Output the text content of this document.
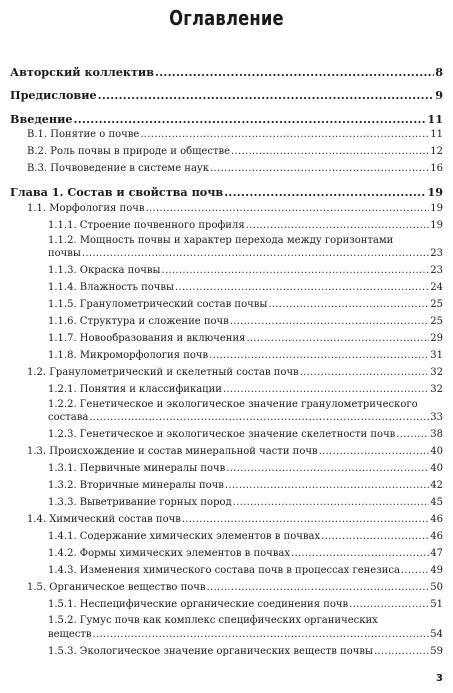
Оглавление
Авторский коллектив .....	8
Предисловие .....	9
Введение .....	11
В.1. Понятие о почве .....	11
В.2. Роль почвы в природе и обществе .....	12
В.3. Почвоведение в системе наук .....	16
Глава 1. Состав и свойства почв .....	19
1.1. Морфология почв .....	19
1.1.1. Строение почвенного профиля .....	19
1.1.2. Мощность почвы и характер перехода между горизонтами
почвы .....	23
1.1.3. Окраска почвы .....	23
1.1.4. Влажность почвы .....	24
1.1.5. Гранулометрический состав почвы .....	25
1.1.6. Структура и сложение почв .....	25
1.1.7. Новообразования и включения .....	29
1.1.8. Микроморфология почв .....	31
1.2. Гранулометрический и скелетный состав почв .....	32
1.2.1. Понятия и классификации .....	32
1.2.2. Генетическое и экологическое значение гранулометрического
состава .....	33
1.2.3. Генетическое и экологическое значение скелетности почв .....	38
1.3. Происхождение и состав минеральной части почв .....	40
1.3.1. Первичные минералы почв .....	40
1.3.2. Вторичные минералы почв .....	42
1.3.3. Выветривание горных пород .....	45
1.4. Химический состав почв .....	46
1.4.1. Содержание химических элементов в почвах .....	46
1.4.2. Формы химических элементов в почвах .....	47
1.4.3. Изменения химического состава почв в процессах генезиса .....	49
1.5. Органическое вещество почв .....	50
1.5.1. Неспецифические органические соединения почв .....	51
1.5.2. Гумус почв как комплекс специфических органических
веществ .....	54
1.5.3. Экологическое значение органических веществ почвы .....	59
3
